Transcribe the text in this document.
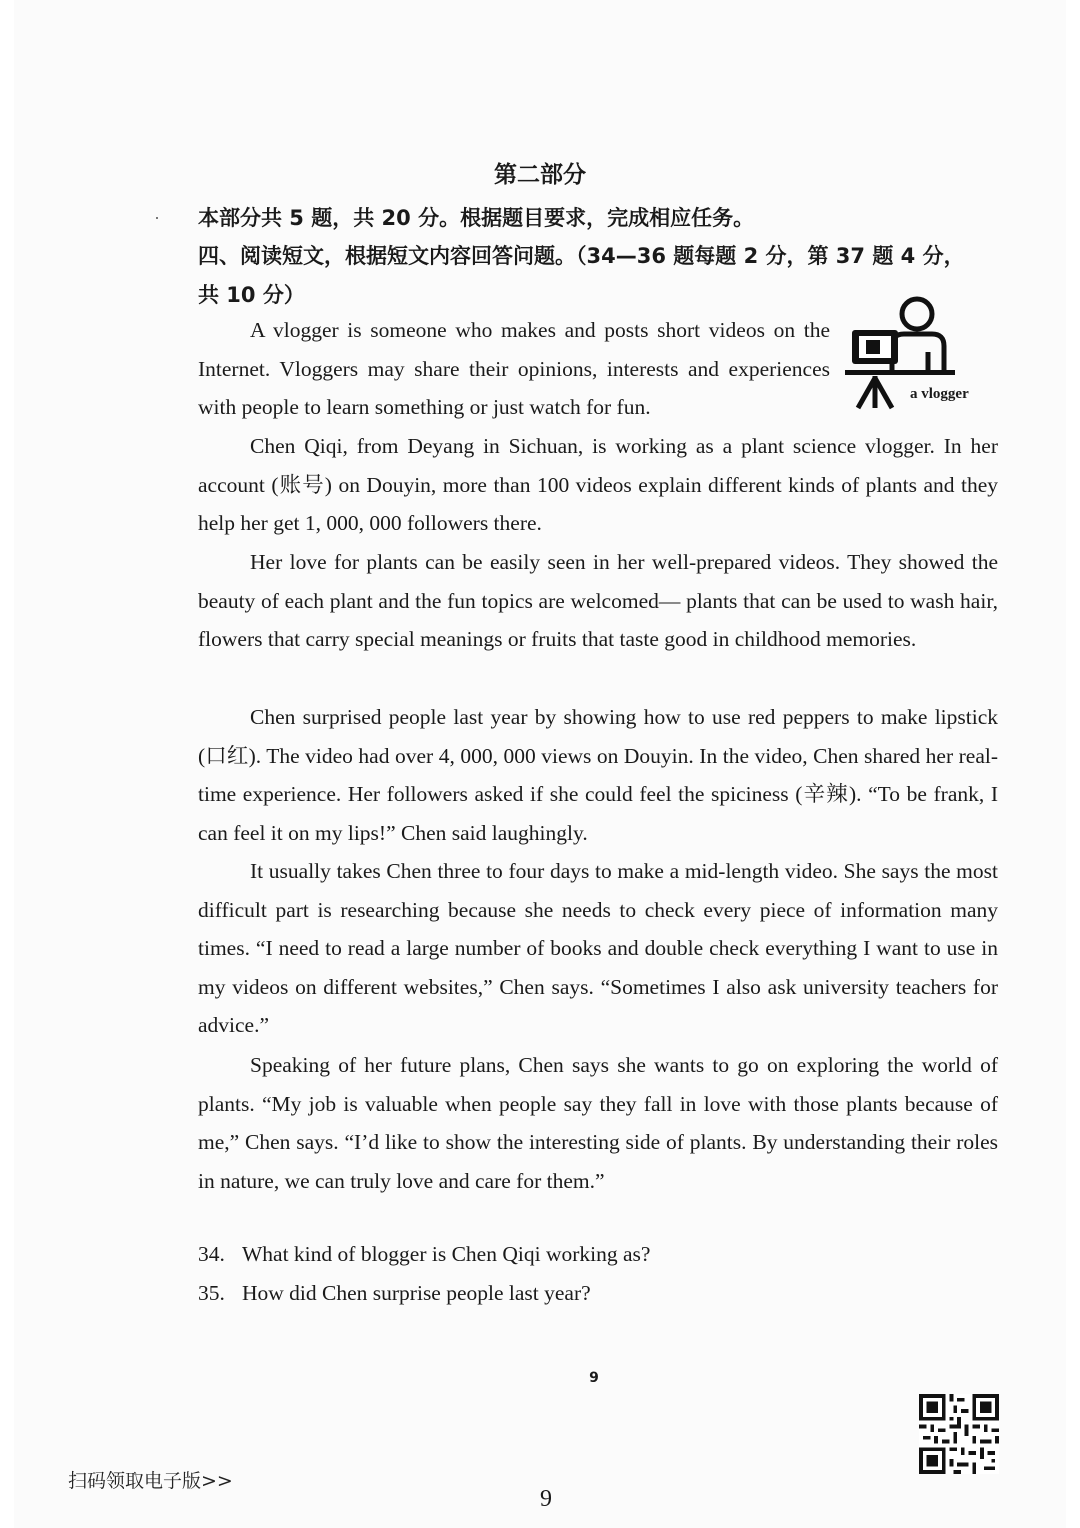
第二部分
本部分共 5 题，共 20 分。根据题目要求，完成相应任务。
四、阅读短文，根据短文内容回答问题。（34—36 题每题 2 分，第 37 题 4 分，
共 10 分）
a vlogger

A vlogger is someone who makes and posts short videos on the Internet. Vloggers may share their opinions, interests and experiences with people to learn something or just watch for fun.

Chen Qiqi, from Deyang in Sichuan, is working as a plant science vlogger. In her account (账号) on Douyin, more than 100 videos explain different kinds of plants and they help her get 1, 000, 000 followers there.

Her love for plants can be easily seen in her well-prepared videos. They showed the beauty of each plant and the fun topics are welcomed— plants that can be used to wash hair, flowers that carry special meanings or fruits that taste good in childhood memories.

Chen surprised people last year by showing how to use red peppers to make lipstick (口红). The video had over 4, 000, 000 views on Douyin. In the video, Chen shared her real-time experience. Her followers asked if she could feel the spiciness (辛辣). “To be frank, I can feel it on my lips!” Chen said laughingly.

It usually takes Chen three to four days to make a mid-length video. She says the most difficult part is researching because she needs to check every piece of information many times. “I need to read a large number of books and double check everything I want to use in my videos on different websites,” Chen says. “Sometimes I also ask university teachers for advice.”

Speaking of her future plans, Chen says she wants to go on exploring the world of plants. “My job is valuable when people say they fall in love with those plants because of me,” Chen says. “I’d like to show the interesting side of plants. By understanding their roles in nature, we can truly love and care for them.”

34. What kind of blogger is Chen Qiqi working as?
35. How did Chen surprise people last year?
9
扫码领取电子版>>
9
